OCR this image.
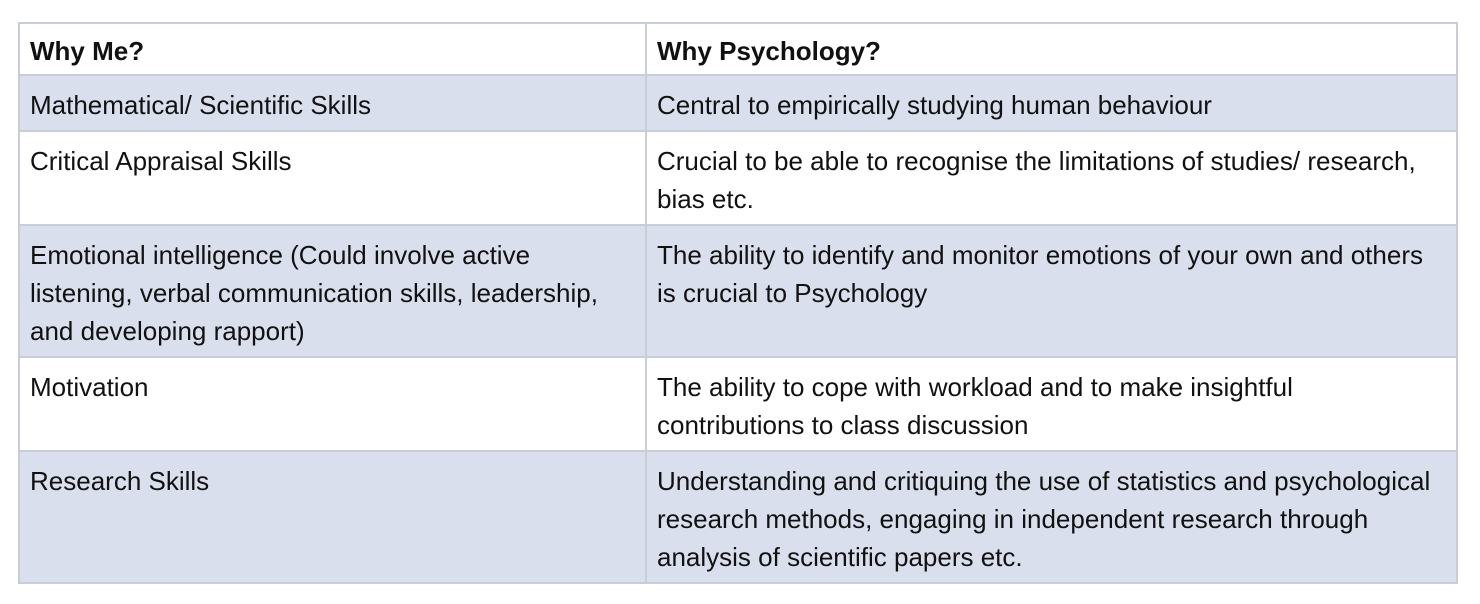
Why Me?	Why Psychology?
Mathematical/ Scientific Skills	Central to empirically studying human behaviour
Critical Appraisal Skills	Crucial to be able to recognise the limitations of studies/ research, bias etc.
Emotional intelligence (Could involve active listening, verbal communication skills, leadership, and developing rapport)	The ability to identify and monitor emotions of your own and others is crucial to Psychology
Motivation	The ability to cope with workload and to make insightful contributions to class discussion
Research Skills	Understanding and critiquing the use of statistics and psychological research methods, engaging in independent research through analysis of scientific papers etc.
